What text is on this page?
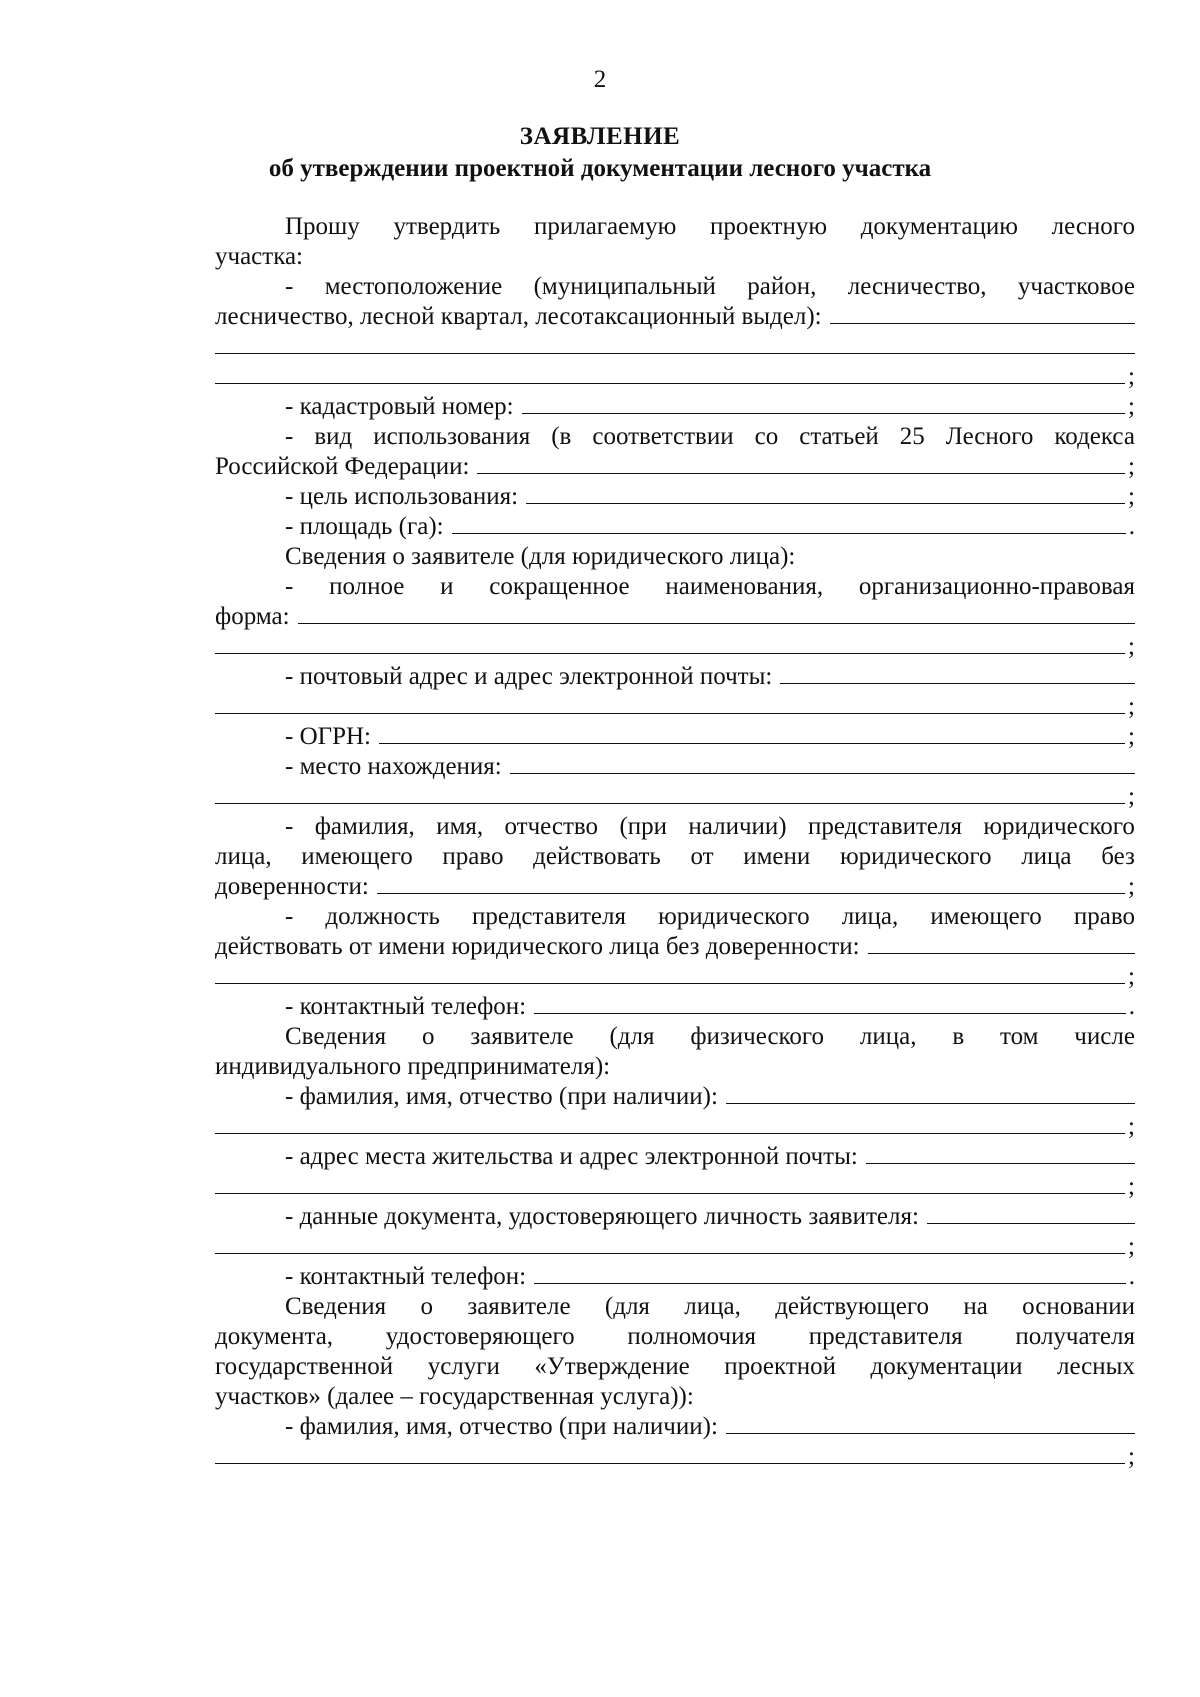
2
ЗАЯВЛЕНИЕ
об утверждении проектной документации лесного участка
Прошу утвердить прилагаемую проектную документацию лесного
участка:
- местоположение (муниципальный район, лесничество, участковое
лесничество, лесной квартал, лесотаксационный выдел):
;
- кадастровый номер:	;
- вид использования (в соответствии со статьей 25 Лесного кодекса
Российской Федерации:	;
- цель использования:	;
- площадь (га):	.
Сведения о заявителе (для юридического лица):
- полное и сокращенное наименования, организационно-правовая
форма:
;
- почтовый адрес и адрес электронной почты:
;
- ОГРН:	;
- место нахождения:
;
- фамилия, имя, отчество (при наличии) представителя юридического
лица, имеющего право действовать от имени юридического лица без
доверенности:	;
- должность представителя юридического лица, имеющего право
действовать от имени юридического лица без доверенности:
;
- контактный телефон:	.
Сведения о заявителе (для физического лица, в том числе
индивидуального предпринимателя):
- фамилия, имя, отчество (при наличии):
;
- адрес места жительства и адрес электронной почты:
;
- данные документа, удостоверяющего личность заявителя:
;
- контактный телефон:	.
Сведения о заявителе (для лица, действующего на основании
документа, удостоверяющего полномочия представителя получателя
государственной услуги «Утверждение проектной документации лесных
участков» (далее – государственная услуга)):
- фамилия, имя, отчество (при наличии):
;
